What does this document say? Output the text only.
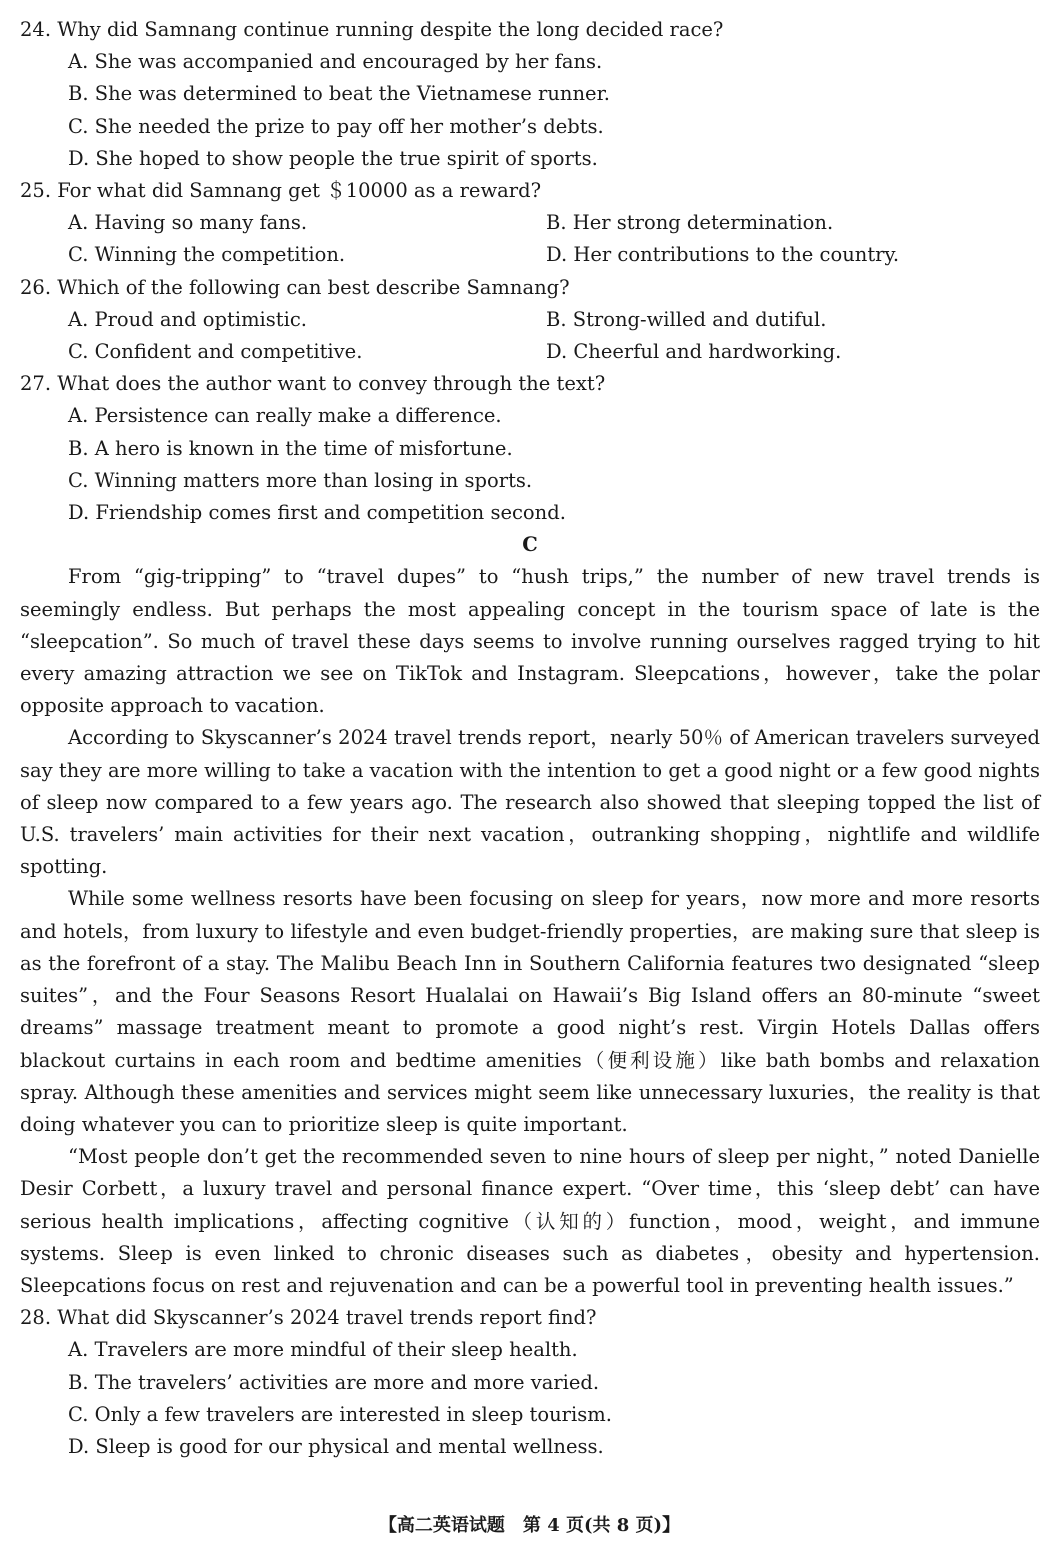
24. Why did Samnang continue running despite the long decided race?

A. She was accompanied and encouraged by her fans.

B. She was determined to beat the Vietnamese runner.

C. She needed the prize to pay off her mother’s debts.

D. She hoped to show people the true spirit of sports.

25. For what did Samnang get ＄10000 as a reward?

A. Having so many fans.	B. Her strong determination.

C. Winning the competition.	D. Her contributions to the country.

26. Which of the following can best describe Samnang?

A. Proud and optimistic.	B. Strong-willed and dutiful.

C. Confident and competitive.	D. Cheerful and hardworking.

27. What does the author want to convey through the text?

A. Persistence can really make a difference.

B. A hero is known in the time of misfortune.

C. Winning matters more than losing in sports.

D. Friendship comes first and competition second.

C

From “gig-tripping” to “travel dupes” to “hush trips,” the number of new travel trends is seemingly endless. But perhaps the most appealing concept in the tourism space of late is the “sleepcation”. So much of travel these days seems to involve running ourselves ragged trying to hit every amazing attraction we see on TikTok and Instagram. Sleepcations，however，take the polar opposite approach to vacation.

According to Skyscanner’s 2024 travel trends report，nearly 50％ of American travelers surveyed say they are more willing to take a vacation with the intention to get a good night or a few good nights of sleep now compared to a few years ago. The research also showed that sleeping topped the list of U.S. travelers’ main activities for their next vacation，outranking shopping，nightlife and wildlife spotting.

While some wellness resorts have been focusing on sleep for years，now more and more resorts and hotels，from luxury to lifestyle and even budget-friendly properties，are making sure that sleep is as the forefront of a stay. The Malibu Beach Inn in Southern California features two designated “sleep suites”，and the Four Seasons Resort Hualalai on Hawaii’s Big Island offers an 80-minute “sweet dreams” massage treatment meant to promote a good night’s rest. Virgin Hotels Dallas offers blackout curtains in each room and bedtime amenities（便利设施）like bath bombs and relaxation spray. Although these amenities and services might seem like unnecessary luxuries，the reality is that doing whatever you can to prioritize sleep is quite important.

“Most people don’t get the recommended seven to nine hours of sleep per night，” noted Danielle Desir Corbett，a luxury travel and personal finance expert. “Over time，this ‘sleep debt’ can have serious health implications，affecting cognitive（认知的）function，mood，weight，and immune systems. Sleep is even linked to chronic diseases such as diabetes，obesity and hypertension. Sleepcations focus on rest and rejuvenation and can be a powerful tool in preventing health issues.”

28. What did Skyscanner’s 2024 travel trends report find?

A. Travelers are more mindful of their sleep health.

B. The travelers’ activities are more and more varied.

C. Only a few travelers are interested in sleep tourism.

D. Sleep is good for our physical and mental wellness.

【高二英语试题　第 4 页(共 8 页)】
